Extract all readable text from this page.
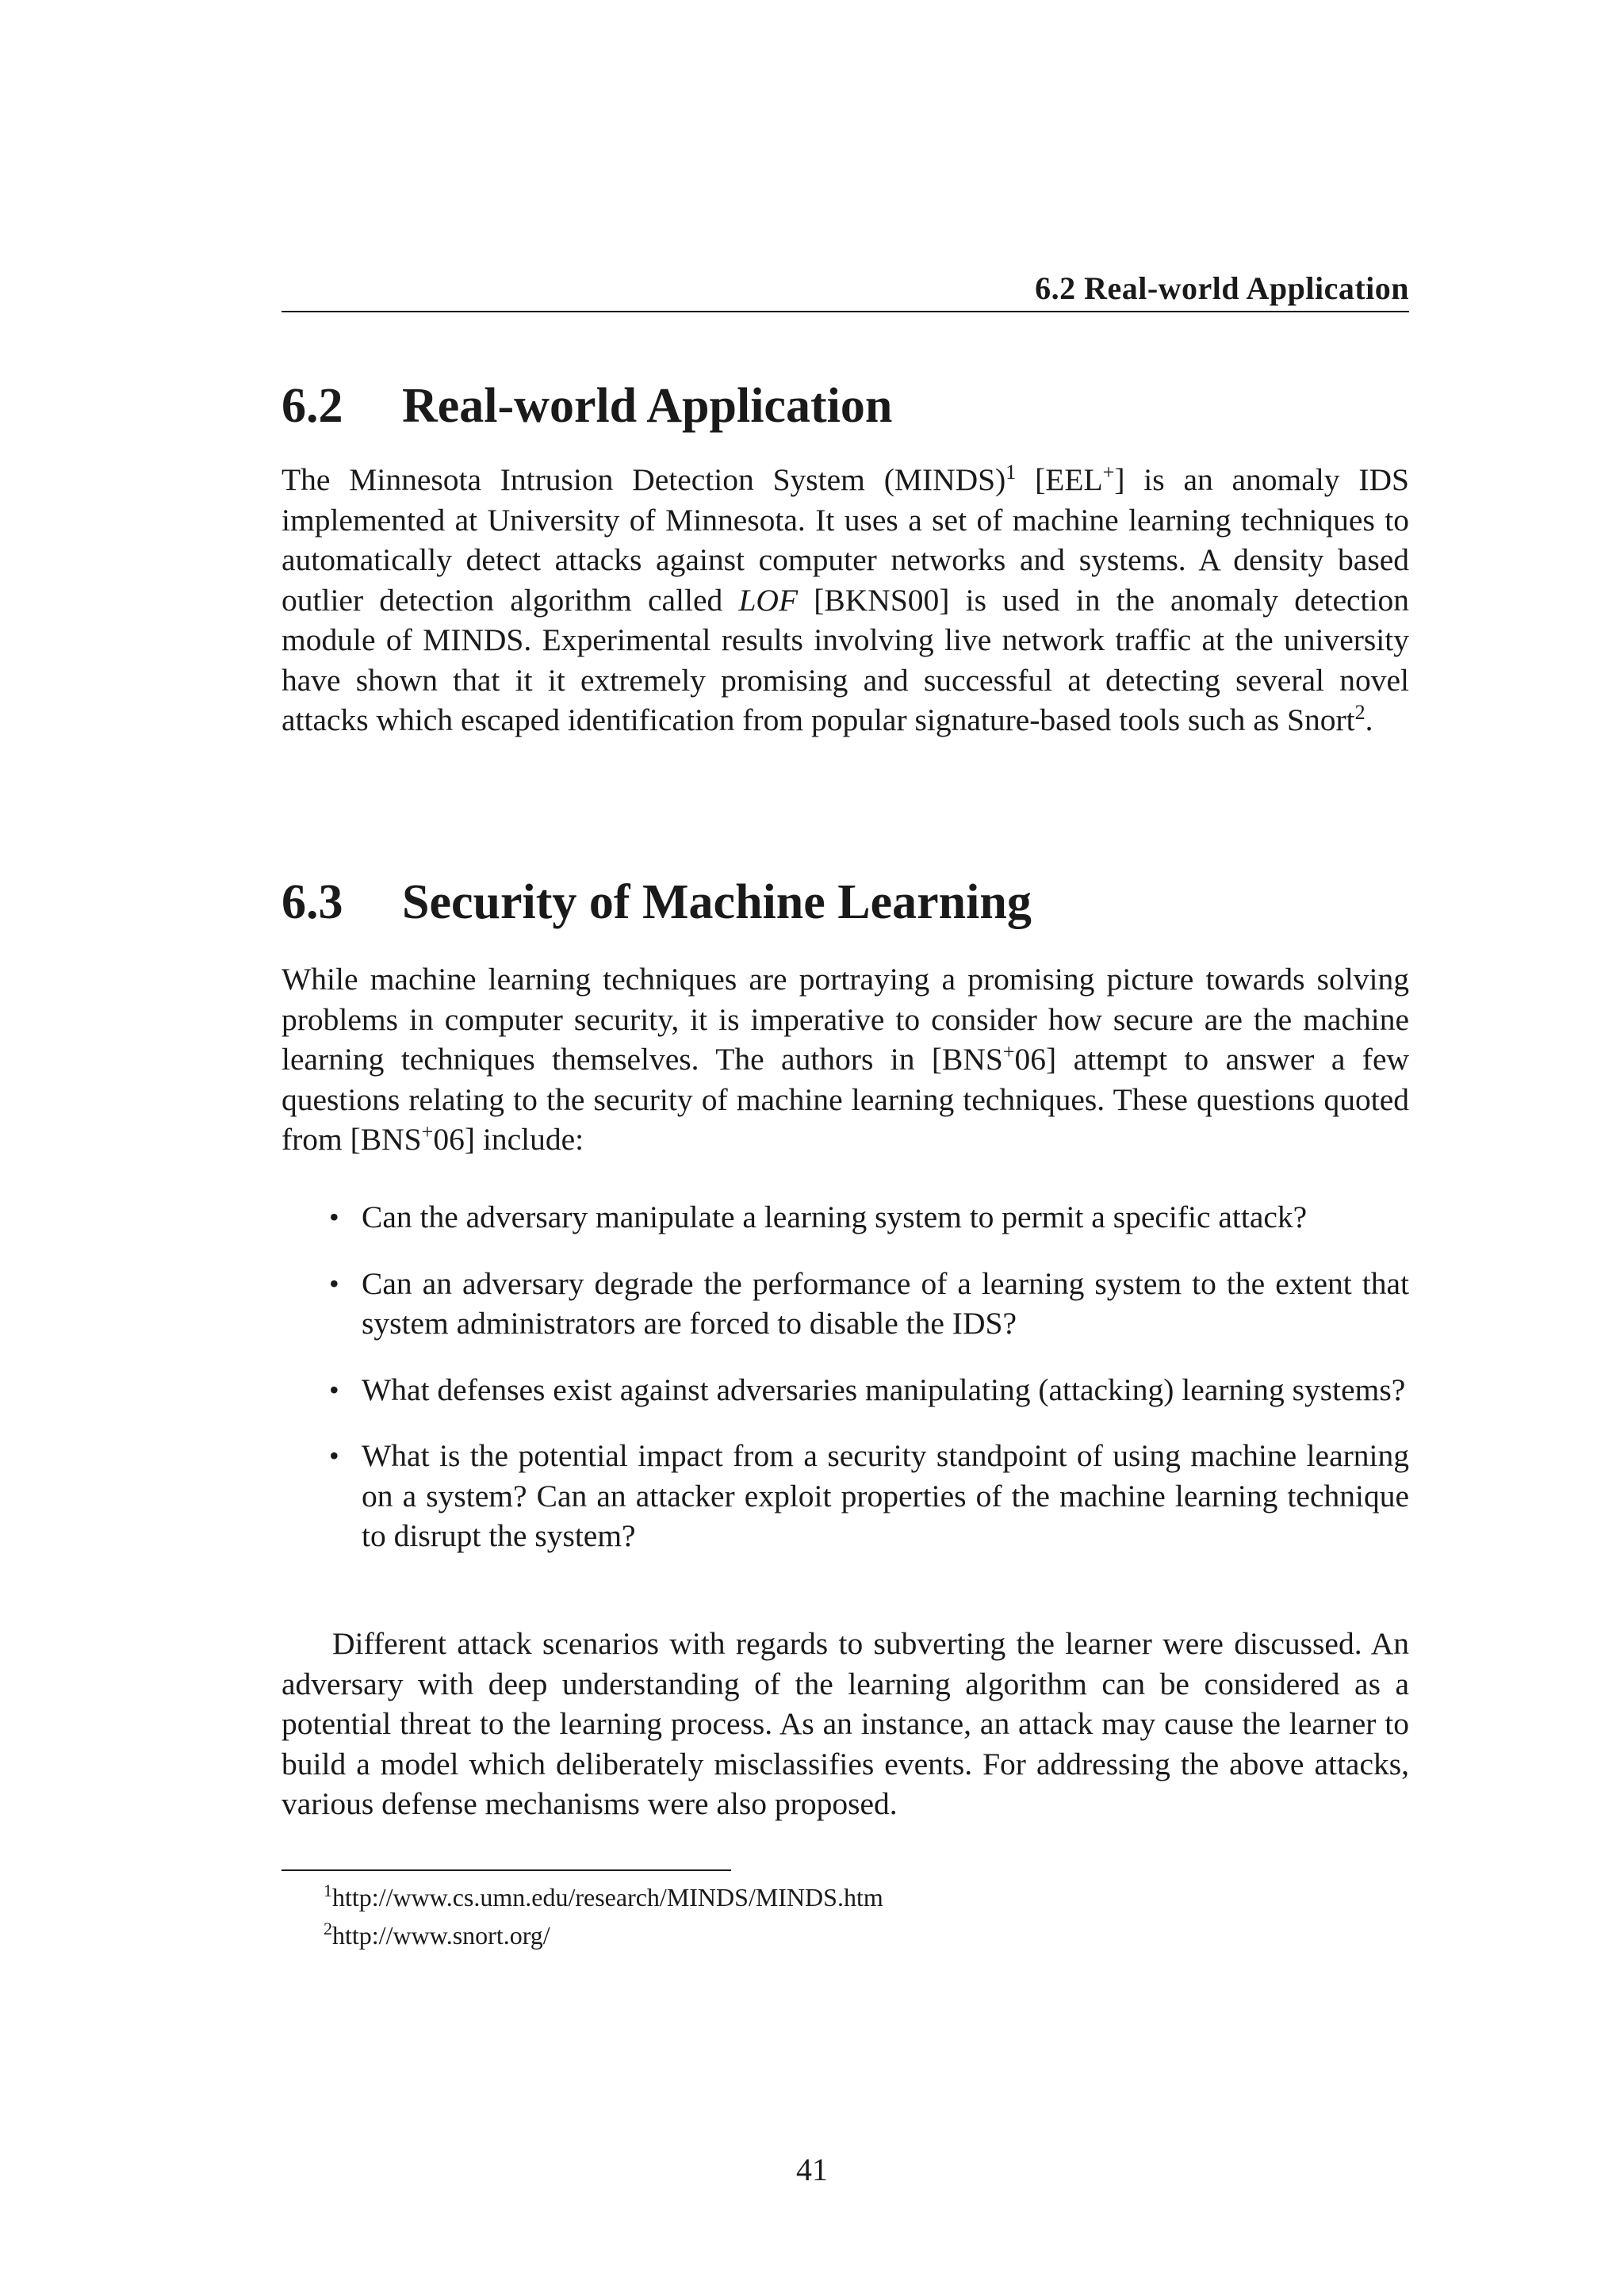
6.2 Real-world Application
6.2 Real-world Application

The Minnesota Intrusion Detection System (MINDS)$^1$ [EEL+] is an anomaly IDS implemented at University of Minnesota. It uses a set of machine learning techniques to automatically detect attacks against computer networks and systems. A density based outlier detection algorithm called LOF [BKNS00] is used in the anomaly detection module of MINDS. Experimental results involving live network traffic at the university have shown that it it extremely promising and successful at detecting several novel attacks which escaped identification from popular signature-based tools such as Snort$^2$.

6.3 Security of Machine Learning

While machine learning techniques are portraying a promising picture towards solving problems in computer security, it is imperative to consider how secure are the machine learning techniques themselves. The authors in [BNS+06] attempt to answer a few questions relating to the security of machine learning techniques. These questions quoted from [BNS+06] include:

• Can the adversary manipulate a learning system to permit a specific attack?
• Can an adversary degrade the performance of a learning system to the extent that system administrators are forced to disable the IDS?
• What defenses exist against adversaries manipulating (attacking) learning systems?
• What is the potential impact from a security standpoint of using machine learning on a system? Can an attacker exploit properties of the machine learning technique to disrupt the system?

Different attack scenarios with regards to subverting the learner were discussed. An adversary with deep understanding of the learning algorithm can be considered as a potential threat to the learning process. As an instance, an attack may cause the learner to build a model which deliberately misclassifies events. For addressing the above attacks, various defense mechanisms were also proposed.

$^1$http://www.cs.umn.edu/research/MINDS/MINDS.htm
$^2$http://www.snort.org/
41
